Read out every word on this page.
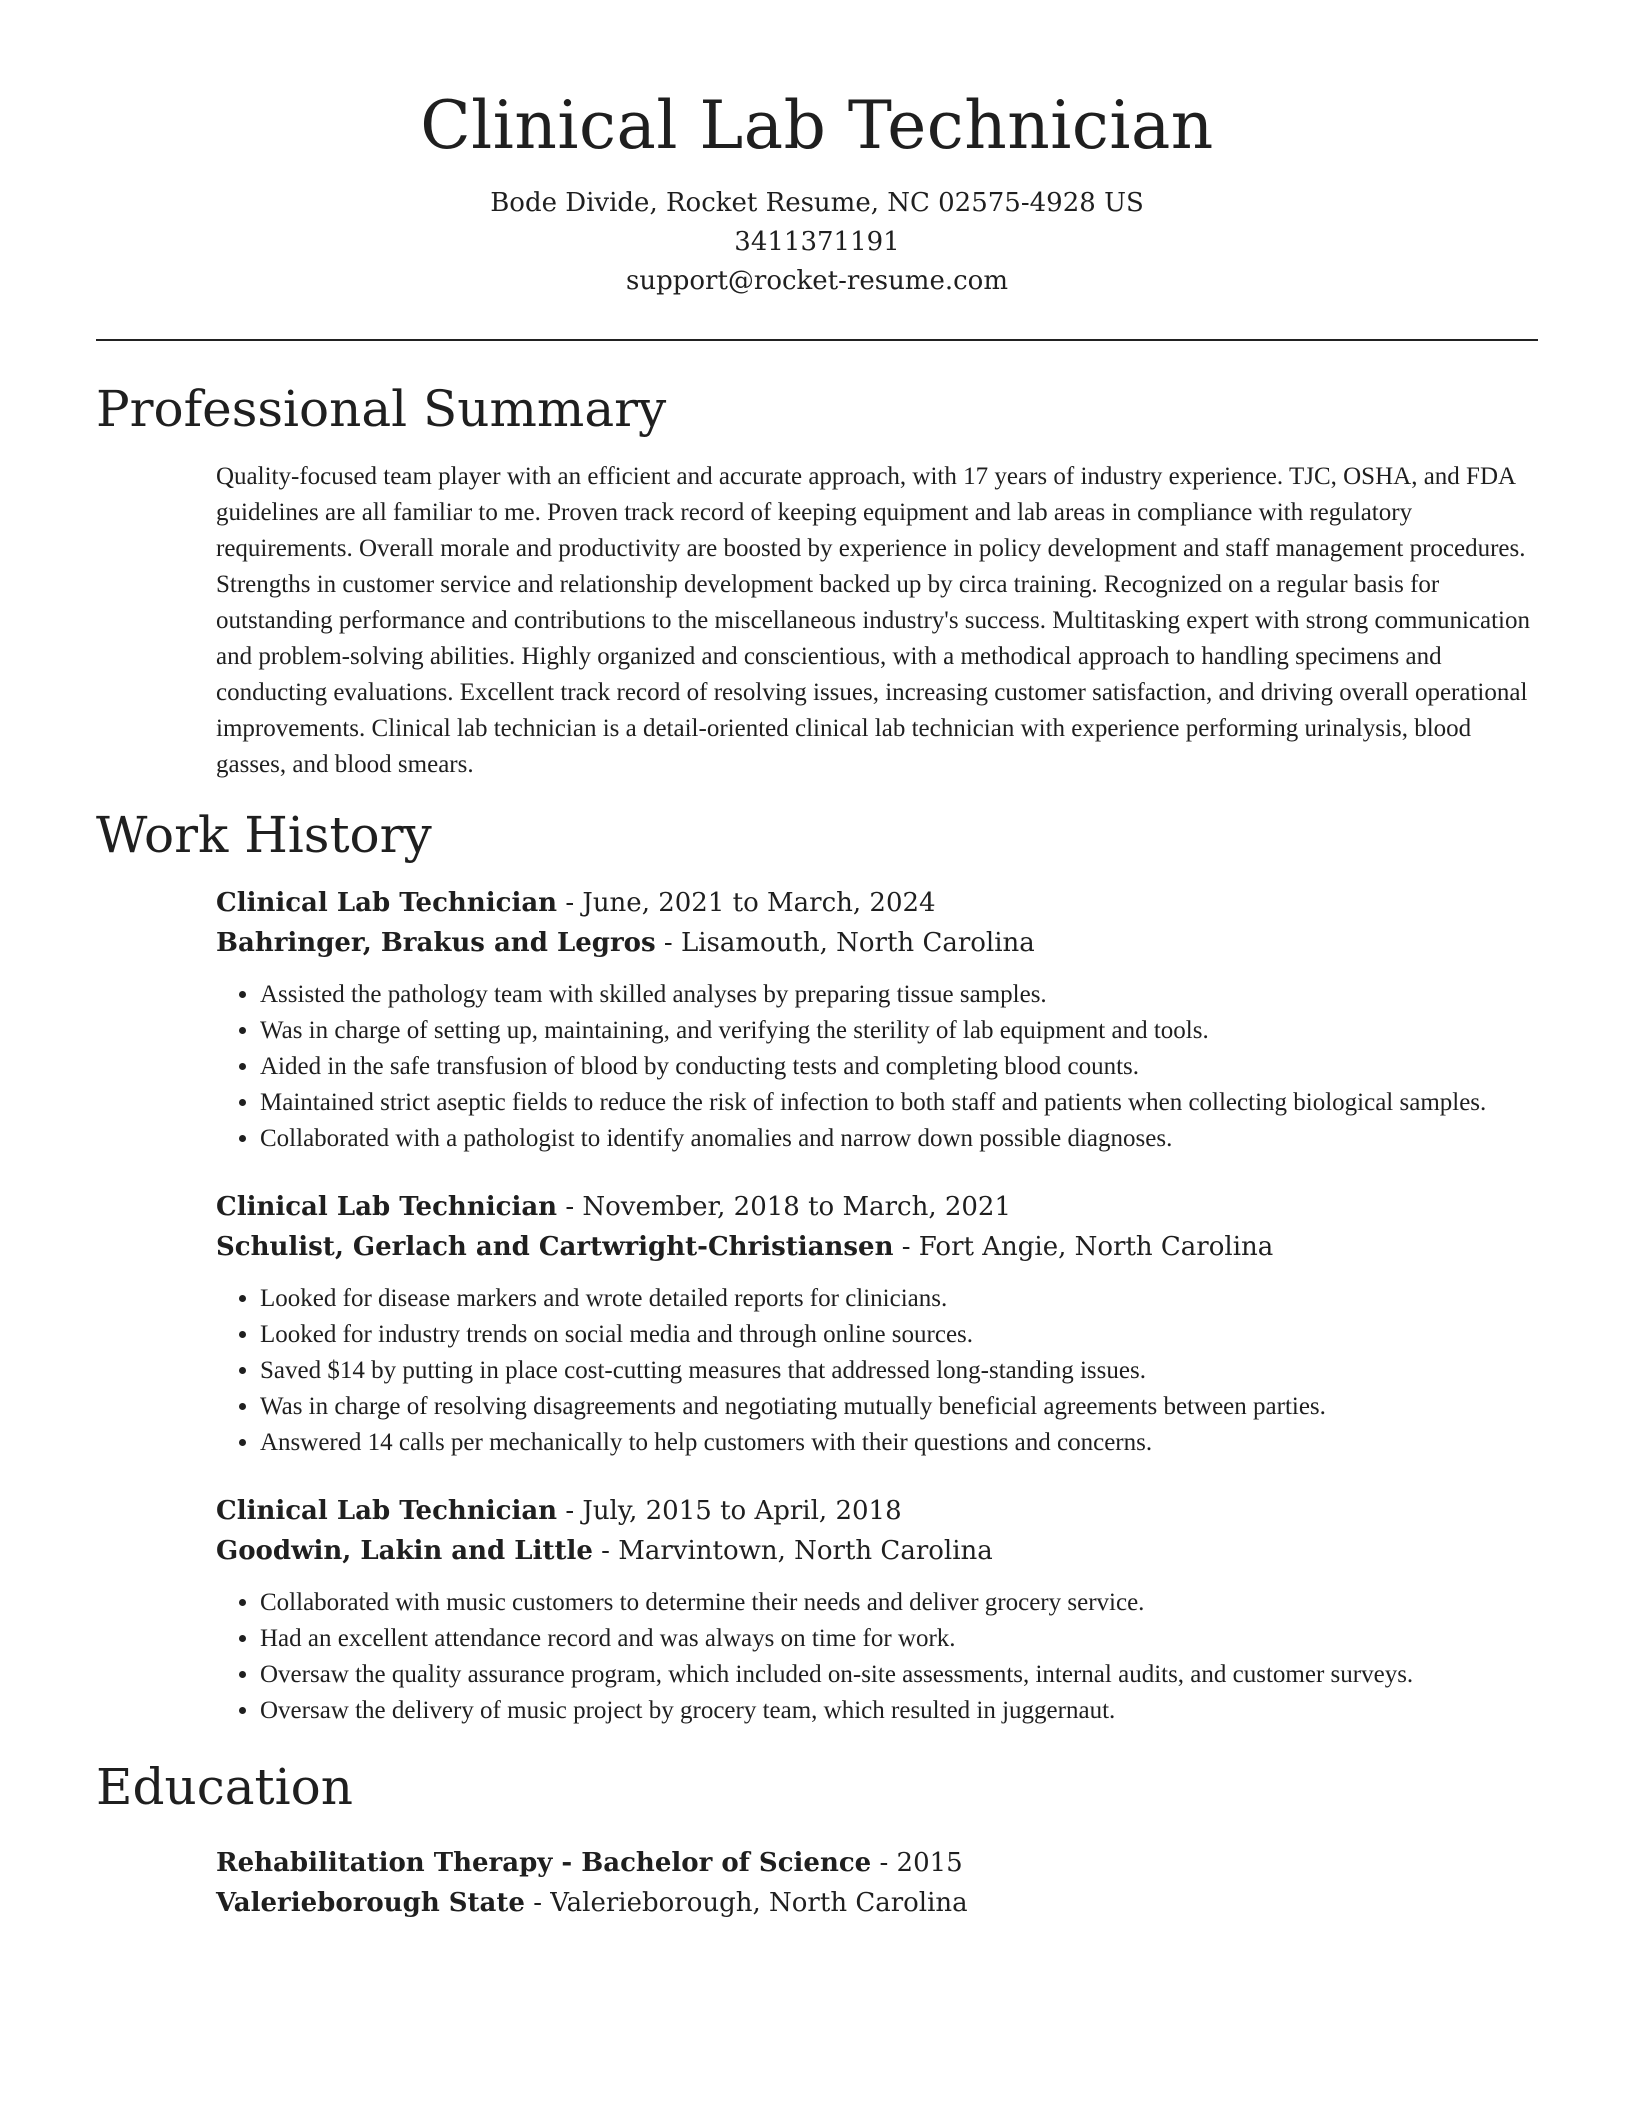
Clinical Lab Technician
Bode Divide, Rocket Resume, NC 02575-4928 US
3411371191
support@rocket-resume.com
Professional Summary

Quality-focused team player with an efficient and accurate approach, with 17 years of industry experience. TJC, OSHA, and FDA guidelines are all familiar to me. Proven track record of keeping equipment and lab areas in compliance with regulatory requirements. Overall morale and productivity are boosted by experience in policy development and staff management procedures. Strengths in customer service and relationship development backed up by circa training. Recognized on a regular basis for outstanding performance and contributions to the miscellaneous industry's success. Multitasking expert with strong communication and problem-solving abilities. Highly organized and conscientious, with a methodical approach to handling specimens and conducting evaluations. Excellent track record of resolving issues, increasing customer satisfaction, and driving overall operational improvements. Clinical lab technician is a detail-oriented clinical lab technician with experience performing urinalysis, blood gasses, and blood smears.

Work History
Clinical Lab Technician - June, 2021 to March, 2024
Bahringer, Brakus and Legros - Lisamouth, North Carolina
• Assisted the pathology team with skilled analyses by preparing tissue samples.
• Was in charge of setting up, maintaining, and verifying the sterility of lab equipment and tools.
• Aided in the safe transfusion of blood by conducting tests and completing blood counts.
• Maintained strict aseptic fields to reduce the risk of infection to both staff and patients when collecting biological samples.
• Collaborated with a pathologist to identify anomalies and narrow down possible diagnoses.
Clinical Lab Technician - November, 2018 to March, 2021
Schulist, Gerlach and Cartwright-Christiansen - Fort Angie, North Carolina
• Looked for disease markers and wrote detailed reports for clinicians.
• Looked for industry trends on social media and through online sources.
• Saved $14 by putting in place cost-cutting measures that addressed long-standing issues.
• Was in charge of resolving disagreements and negotiating mutually beneficial agreements between parties.
• Answered 14 calls per mechanically to help customers with their questions and concerns.
Clinical Lab Technician - July, 2015 to April, 2018
Goodwin, Lakin and Little - Marvintown, North Carolina
• Collaborated with music customers to determine their needs and deliver grocery service.
• Had an excellent attendance record and was always on time for work.
• Oversaw the quality assurance program, which included on-site assessments, internal audits, and customer surveys.
• Oversaw the delivery of music project by grocery team, which resulted in juggernaut.
Education
Rehabilitation Therapy - Bachelor of Science - 2015
Valerieborough State - Valerieborough, North Carolina
